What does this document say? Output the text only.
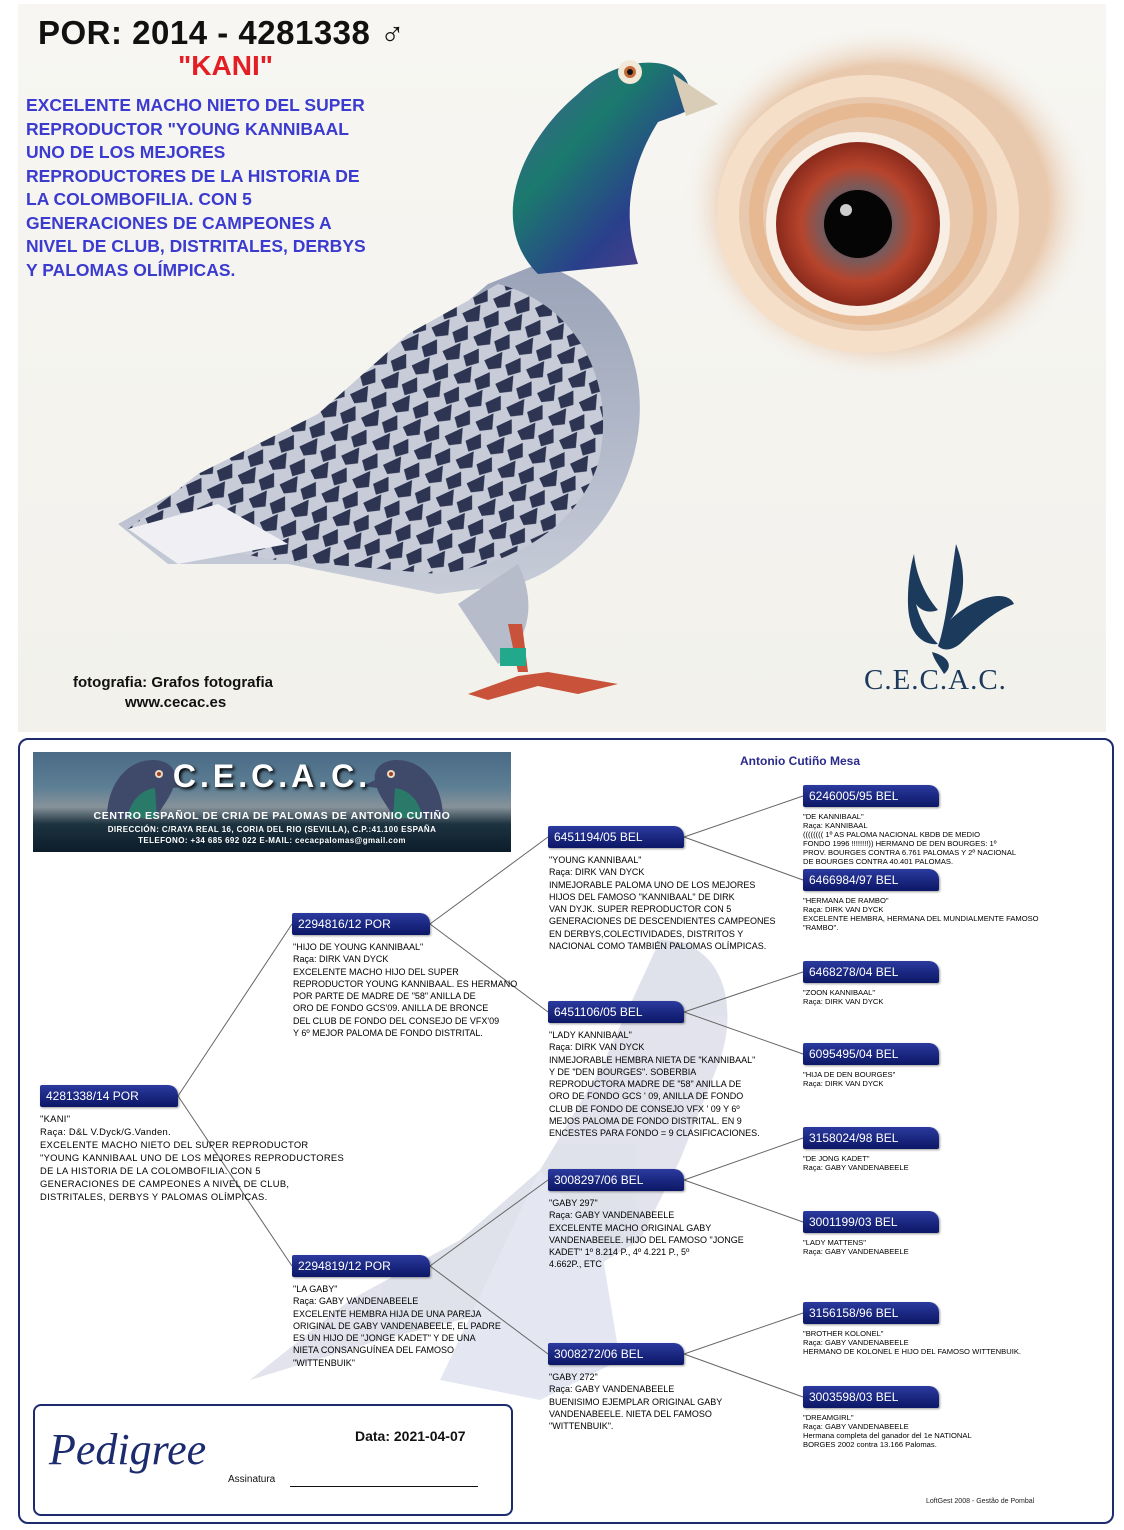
POR: 2014 - 4281338 ♂
"KANI"
EXCELENTE MACHO NIETO DEL SUPER
REPRODUCTOR "YOUNG KANNIBAAL
UNO DE LOS MEJORES
REPRODUCTORES DE LA HISTORIA DE
LA COLOMBOFILIA. CON 5
GENERACIONES DE CAMPEONES A
NIVEL DE CLUB, DISTRITALES, DERBYS
Y PALOMAS OLÍMPICAS.
fotografia: Grafos fotografia
www.cecac.es
C.E.C.A.C.
Antonio Cutiño Mesa
C.E.C.A.C.
CENTRO ESPAÑOL DE CRIA DE PALOMAS DE ANTONIO CUTIÑO
DIRECCIÓN: C/RAYA REAL 16, CORIA DEL RIO (SEVILLA), C.P.:41.100 ESPAÑA
TELEFONO: +34 685 692 022 E-MAIL: cecacpalomas@gmail.com
4281338/14 POR
"KANI"
Raça: D&L V.Dyck/G.Vanden.
EXCELENTE MACHO NIETO DEL SUPER REPRODUCTOR
"YOUNG KANNIBAAL UNO DE LOS MEJORES REPRODUCTORES
DE LA HISTORIA DE LA COLOMBOFILIA. CON 5
GENERACIONES DE CAMPEONES A NIVEL DE CLUB,
DISTRITALES, DERBYS Y PALOMAS OLÍMPICAS.
2294816/12 POR
"HIJO DE YOUNG KANNIBAAL"
Raça: DIRK VAN DYCK
EXCELENTE MACHO HIJO DEL SUPER
REPRODUCTOR YOUNG KANNIBAAL. ES HERMANO
POR PARTE DE MADRE DE "58" ANILLA DE
ORO DE FONDO GCS'09. ANILLA DE BRONCE
DEL CLUB DE FONDO DEL CONSEJO DE VFX'09
Y 6º MEJOR PALOMA DE FONDO DISTRITAL.
2294819/12 POR
"LA GABY"
Raça: GABY VANDENABEELE
EXCELENTE HEMBRA HIJA DE UNA PAREJA
ORIGINAL DE GABY VANDENABEELE, EL PADRE
ES UN HIJO DE "JONGE KADET" Y DE UNA
NIETA CONSANGUÍNEA DEL FAMOSO
"WITTENBUIK"
6451194/05 BEL
"YOUNG KANNIBAAL"
Raça: DIRK VAN DYCK
INMEJORABLE PALOMA UNO DE LOS MEJORES
HIJOS DEL FAMOSO "KANNIBAAL" DE DIRK
VAN DYJK. SUPER REPRODUCTOR CON 5
GENERACIONES DE DESCENDIENTES CAMPEONES
EN DERBYS,COLECTIVIDADES, DISTRITOS Y
NACIONAL COMO TAMBIÉN PALOMAS OLÍMPICAS.
6451106/05 BEL
"LADY KANNIBAAL"
Raça: DIRK VAN DYCK
INMEJORABLE HEMBRA NIETA DE "KANNIBAAL"
Y DE "DEN BOURGES". SOBERBIA
REPRODUCTORA MADRE DE "58" ANILLA DE
ORO DE FONDO GCS ' 09, ANILLA DE FONDO
CLUB DE FONDO DE CONSEJO VFX ' 09 Y 6º
MEJOS PALOMA DE FONDO DISTRITAL. EN 9
ENCESTES PARA FONDO = 9 CLASIFICACIONES.
3008297/06 BEL
"GABY 297"
Raça: GABY VANDENABEELE
EXCELENTE MACHO ORIGINAL GABY
VANDENABEELE. HIJO DEL FAMOSO "JONGE
KADET" 1º 8.214 P., 4º 4.221 P., 5º
4.662P., ETC
3008272/06 BEL
"GABY 272"
Raça: GABY VANDENABEELE
BUENISIMO EJEMPLAR ORIGINAL GABY
VANDENABEELE. NIETA DEL FAMOSO
"WITTENBUIK".
6246005/95 BEL
"DE KANNIBAAL"
Raça: KANNIBAAL
(((((((( 1º AS PALOMA NACIONAL KBDB DE MEDIO
FONDO 1996 !!!!!!!!)) HERMANO DE DEN BOURGES: 1º
PROV. BOURGES CONTRA 6.761 PALOMAS Y 2º NACIONAL
DE BOURGES CONTRA 40.401 PALOMAS.
6466984/97 BEL
"HERMANA DE RAMBO"
Raça: DIRK VAN DYCK
EXCELENTE HEMBRA, HERMANA DEL MUNDIALMENTE FAMOSO
"RAMBO".
6468278/04 BEL
"ZOON KANNIBAAL"
Raça: DIRK VAN DYCK
6095495/04 BEL
"HIJA DE DEN BOURGES"
Raça: DIRK VAN DYCK
3158024/98 BEL
"DE JONG KADET"
Raça: GABY VANDENABEELE
3001199/03 BEL
"LADY MATTENS"
Raça: GABY VANDENABEELE
3156158/96 BEL
"BROTHER KOLONEL"
Raça: GABY VANDENABEELE
HERMANO DE KOLONEL E HIJO DEL FAMOSO WITTENBUIK.
3003598/03 BEL
"DREAMGIRL"
Raça: GABY VANDENABEELE
Hermana completa del ganador del 1e NATIONAL
BORGES 2002 contra 13.166 Palomas.
Pedigree	Data: 2021-04-07
Assinatura
LoftGest 2008 - Gestão de Pombal
